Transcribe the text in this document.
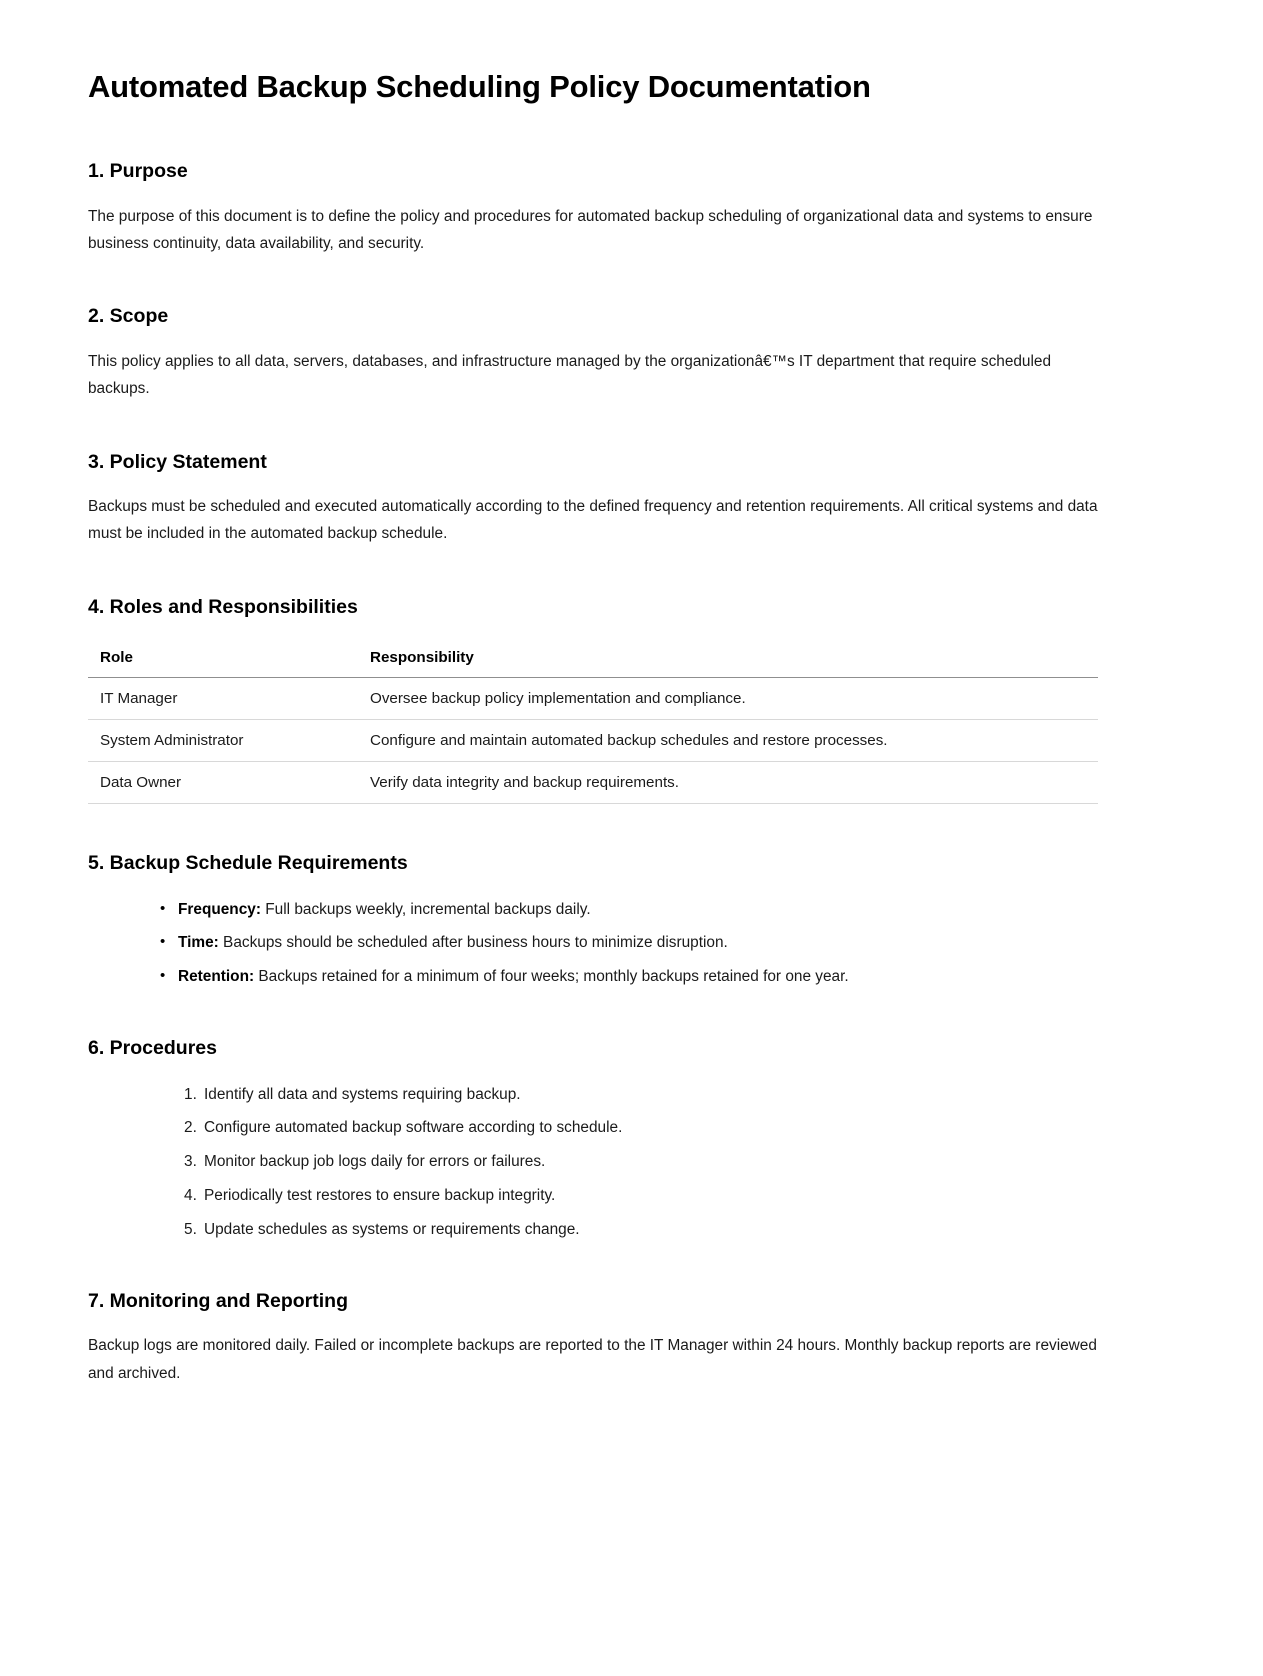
Automated Backup Scheduling Policy Documentation
1. Purpose

The purpose of this document is to define the policy and procedures for automated backup scheduling of organizational data and systems to ensure business continuity, data availability, and security.

2. Scope

This policy applies to all data, servers, databases, and infrastructure managed by the organizationâ€™s IT department that require scheduled backups.

3. Policy Statement

Backups must be scheduled and executed automatically according to the defined frequency and retention requirements. All critical systems and data must be included in the automated backup schedule.

4. Roles and Responsibilities
Role	Responsibility
IT Manager	Oversee backup policy implementation and compliance.
System Administrator	Configure and maintain automated backup schedules and restore processes.
Data Owner	Verify data integrity and backup requirements.
5. Backup Schedule Requirements
• Frequency: Full backups weekly, incremental backups daily.
• Time: Backups should be scheduled after business hours to minimize disruption.
• Retention: Backups retained for a minimum of four weeks; monthly backups retained for one year.
6. Procedures
Identify all data and systems requiring backup.
Configure automated backup software according to schedule.
Monitor backup job logs daily for errors or failures.
Periodically test restores to ensure backup integrity.
Update schedules as systems or requirements change.
7. Monitoring and Reporting

Backup logs are monitored daily. Failed or incomplete backups are reported to the IT Manager within 24 hours. Monthly backup reports are reviewed and archived.
